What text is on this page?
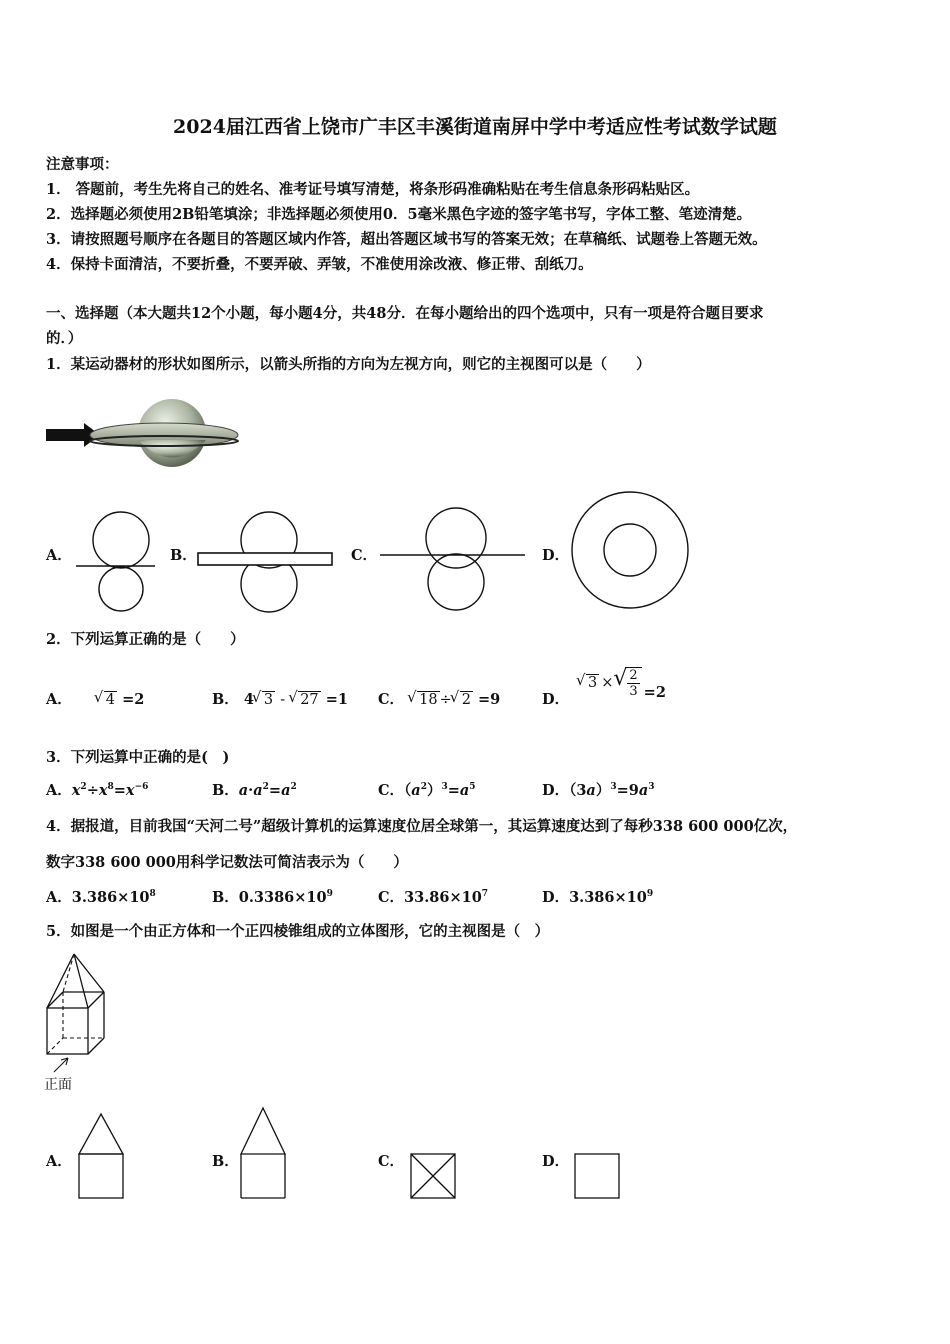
2024届江西省上饶市广丰区丰溪街道南屏中学中考适应性考试数学试题
注意事项：
1． 答题前，考生先将自己的姓名、准考证号填写清楚，将条形码准确粘贴在考生信息条形码粘贴区。
2．选择题必须使用2B铅笔填涂；非选择题必须使用0．5毫米黑色字迹的签字笔书写，字体工整、笔迹清楚。
3．请按照题号顺序在各题目的答题区域内作答，超出答题区域书写的答案无效；在草稿纸、试题卷上答题无效。
4．保持卡面清洁，不要折叠，不要弄破、弄皱，不准使用涂改液、修正带、刮纸刀。
一、选择题（本大题共12个小题，每小题4分，共48分．在每小题给出的四个选项中，只有一项是符合题目要求
的．）
1．某运动器材的形状如图所示，以箭头所指的方向为左视方向，则它的主视图可以是（　　）
A．	B．	C．	D．
2．下列运算正确的是（　　）
A． √ 4 =2	B． 4 √ 3 - √ 27 =1 C． √ 18 ÷ √ 2 =9	D．
√ 3 × √ $\frac{2}{3} =2$
3．下列运算中正确的是(　)
A．$x^2\div x^8=x^{-6}$	B．$a\cdot a^2=a^2$	C．$(a^2)^3=a^5$	D．$(3a)^3=9a^3$
4．据报道，目前我国“天河二号”超级计算机的运算速度位居全球第一，其运算速度达到了每秒338 600 000亿次，
数字338 600 000用科学记数法可简洁表示为（　　）
A．$3.386\times 10^8$	B．$0.3386\times 10^9$	C．$33.86\times 10^7$	D．$3.386\times 10^9$
5．如图是一个由正方体和一个正四棱锥组成的立体图形，它的主视图是（　）
正面
A．	B．	C．	D．
